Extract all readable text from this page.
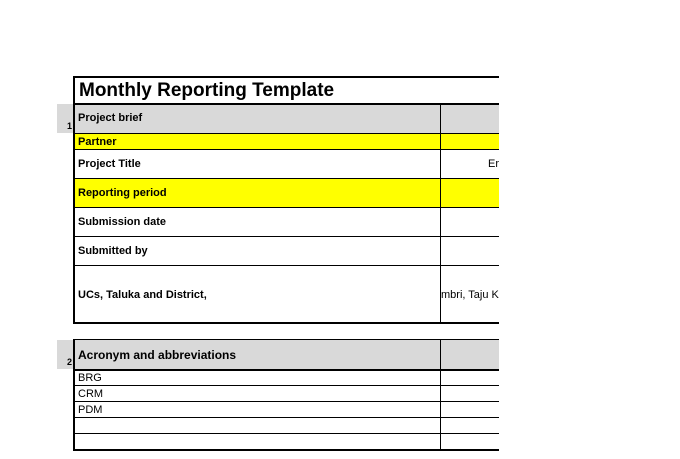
Monthly Reporting Template
1
Project brief
Partner
Project Title	Er
Reporting period
Submission date
Submitted by
UCs, Taluka and District,	mbri, Taju K
2 Acronym and abbreviations
BRG
CRM
PDM
